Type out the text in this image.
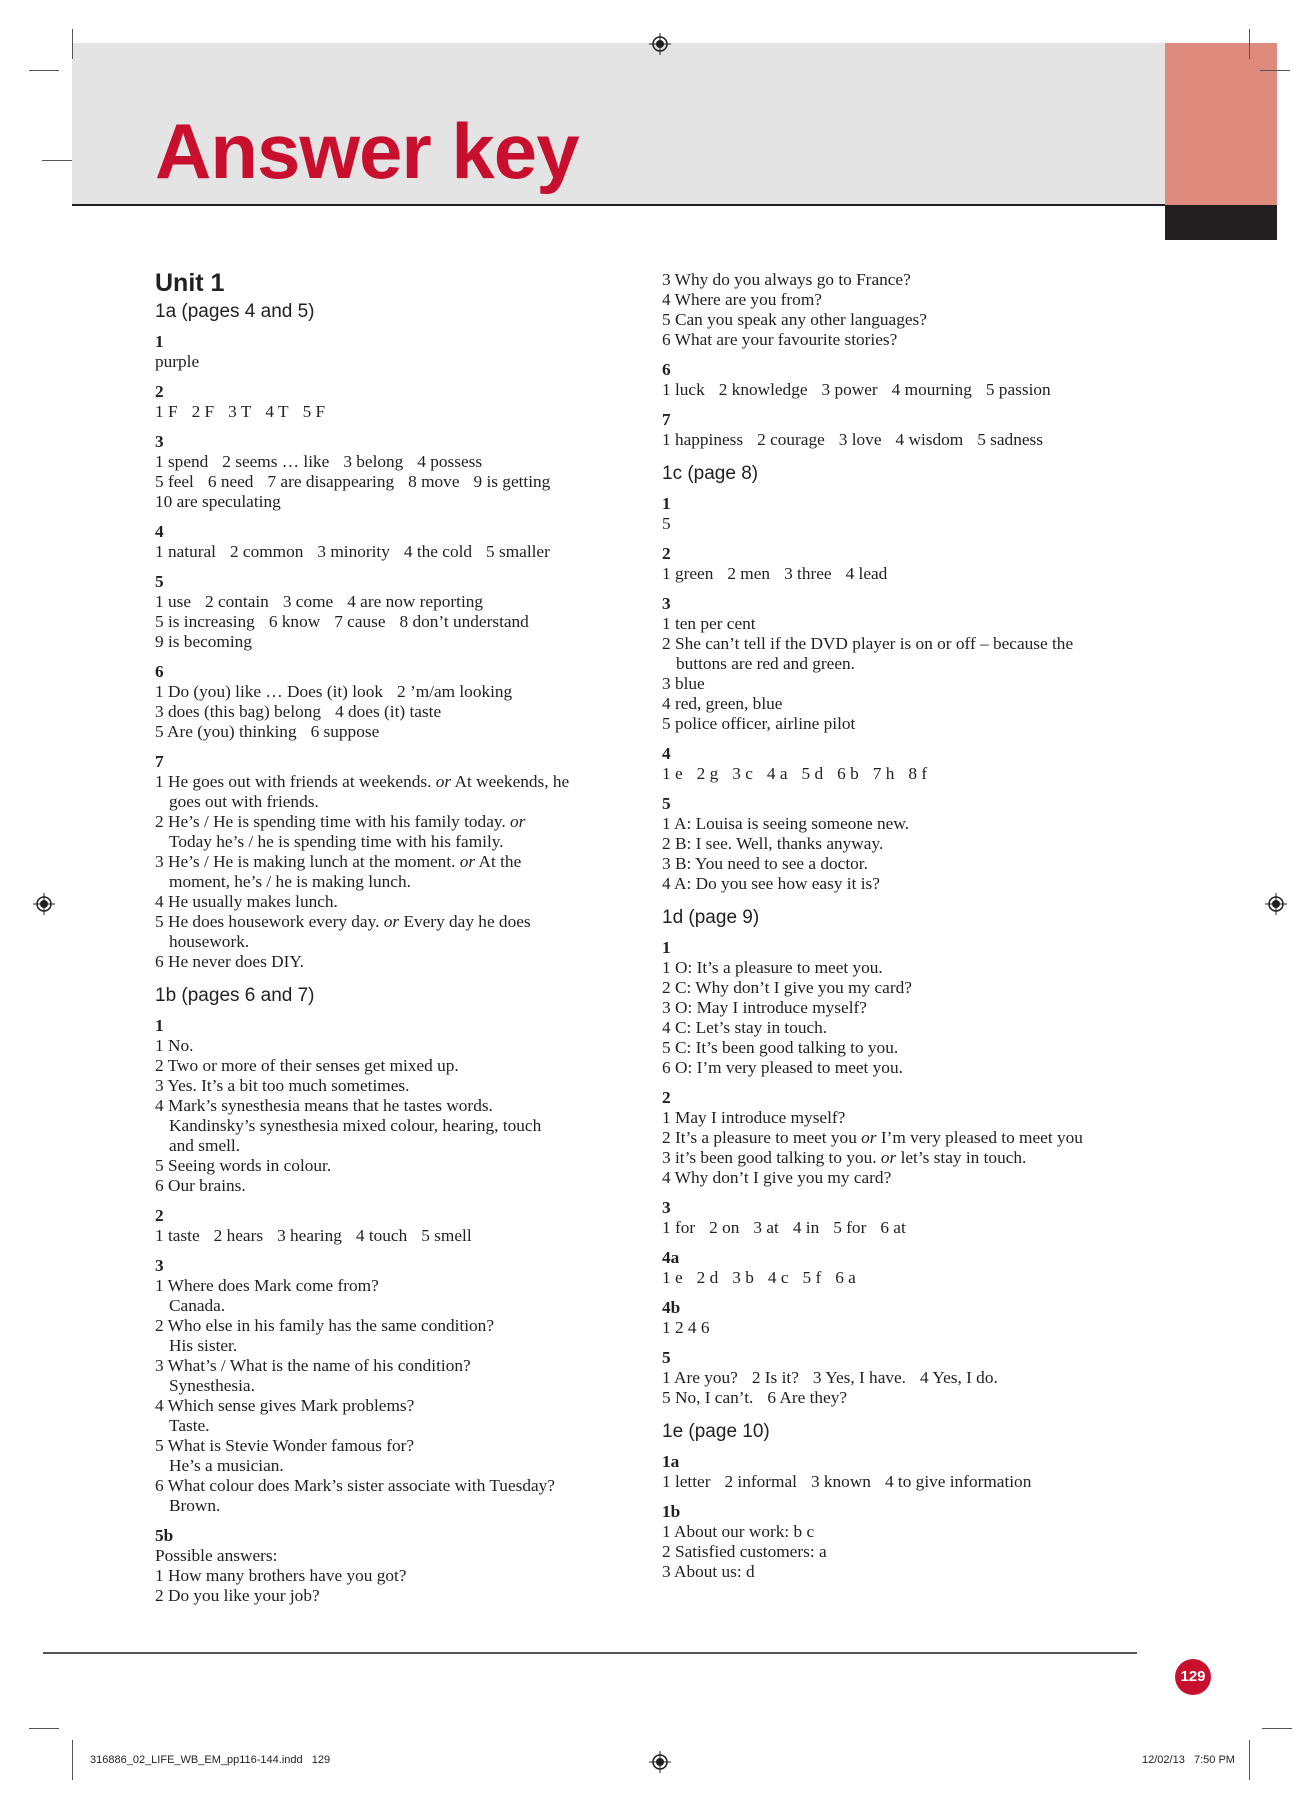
Answer key
Unit 1
1a (pages 4 and 5)
1
purple
2
1 F 2 F 3 T 4 T 5 F
3
1 spend 2 seems … like 3 belong 4 possess
5 feel 6 need 7 are disappearing 8 move 9 is getting
10 are speculating
4
1 natural 2 common 3 minority 4 the cold 5 smaller
5
1 use 2 contain 3 come 4 are now reporting
5 is increasing 6 know 7 cause 8 don’t understand
9 is becoming
6
1 Do (you) like … Does (it) look 2 ’m/am looking
3 does (this bag) belong 4 does (it) taste
5 Are (you) thinking 6 suppose
7
1 He goes out with friends at weekends. or At weekends, he
goes out with friends.
2 He’s / He is spending time with his family today. or
Today he’s / he is spending time with his family.
3 He’s / He is making lunch at the moment. or At the
moment, he’s / he is making lunch.
4 He usually makes lunch.
5 He does housework every day. or Every day he does
housework.
6 He never does DIY.
1b (pages 6 and 7)
1
1 No.
2 Two or more of their senses get mixed up.
3 Yes. It’s a bit too much sometimes.
4 Mark’s synesthesia means that he tastes words.
Kandinsky’s synesthesia mixed colour, hearing, touch
and smell.
5 Seeing words in colour.
6 Our brains.
2
1 taste 2 hears 3 hearing 4 touch 5 smell
3
1 Where does Mark come from?
Canada.
2 Who else in his family has the same condition?
His sister.
3 What’s / What is the name of his condition?
Synesthesia.
4 Which sense gives Mark problems?
Taste.
5 What is Stevie Wonder famous for?
He’s a musician.
6 What colour does Mark’s sister associate with Tuesday?
Brown.
5b
Possible answers:
1 How many brothers have you got?
2 Do you like your job?
3 Why do you always go to France?
4 Where are you from?
5 Can you speak any other languages?
6 What are your favourite stories?
6
1 luck 2 knowledge 3 power 4 mourning 5 passion
7
1 happiness 2 courage 3 love 4 wisdom 5 sadness
1c (page 8)
1
5
2
1 green 2 men 3 three 4 lead
3
1 ten per cent
2 She can’t tell if the DVD player is on or off – because the
buttons are red and green.
3 blue
4 red, green, blue
5 police officer, airline pilot
4
1 e 2 g 3 c 4 a 5 d 6 b 7 h 8 f
5
1 A: Louisa is seeing someone new.
2 B: I see. Well, thanks anyway.
3 B: You need to see a doctor.
4 A: Do you see how easy it is?
1d (page 9)
1
1 O: It’s a pleasure to meet you.
2 C: Why don’t I give you my card?
3 O: May I introduce myself?
4 C: Let’s stay in touch.
5 C: It’s been good talking to you.
6 O: I’m very pleased to meet you.
2
1 May I introduce myself?
2 It’s a pleasure to meet you or I’m very pleased to meet you
3 it’s been good talking to you. or let’s stay in touch.
4 Why don’t I give you my card?
3
1 for 2 on 3 at 4 in 5 for 6 at
4a
1 e 2 d 3 b 4 c 5 f 6 a
4b
1 2 4 6
5
1 Are you? 2 Is it? 3 Yes, I have. 4 Yes, I do.
5 No, I can’t. 6 Are they?
1e (page 10)
1a
1 letter 2 informal 3 known 4 to give information
1b
1 About our work: b c
2 Satisfied customers: a
3 About us: d
129
316886_02_LIFE_WB_EM_pp116-144.indd   129	12/02/13   7:50 PM
